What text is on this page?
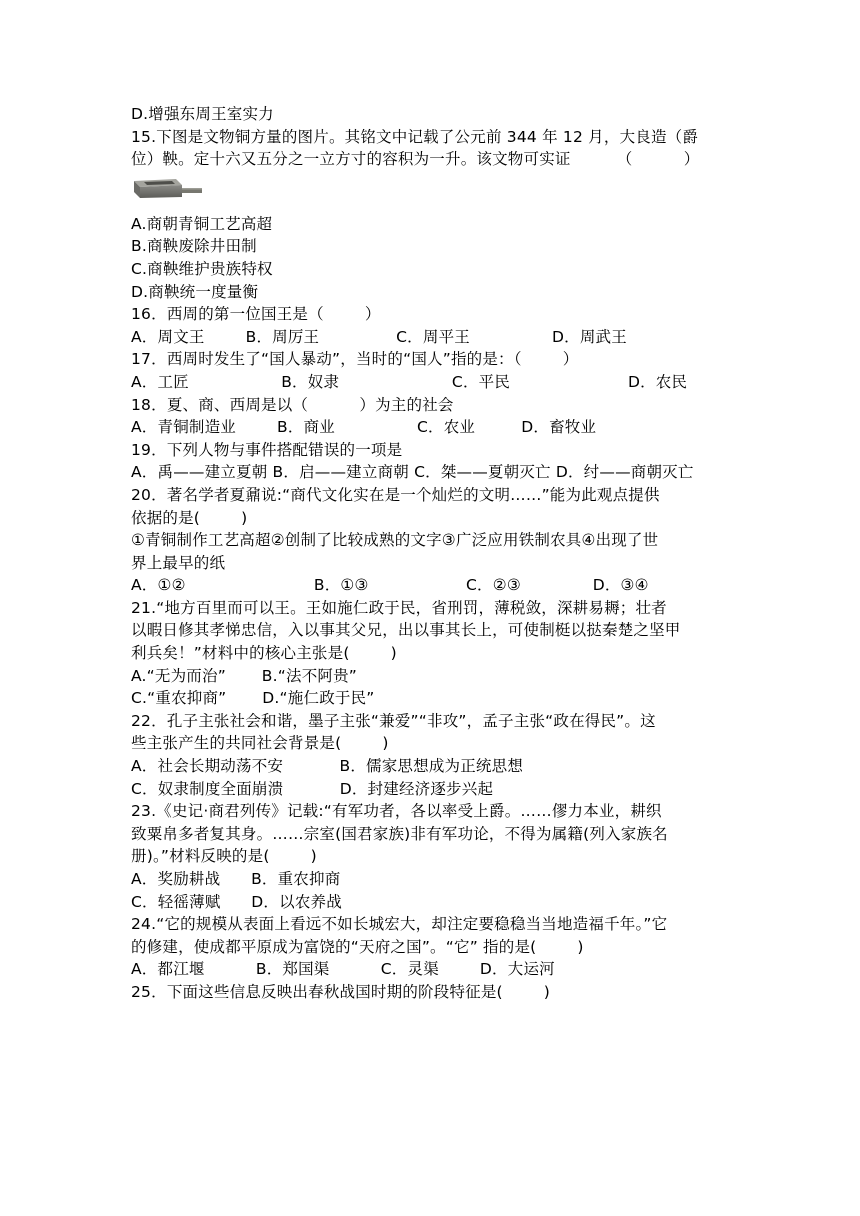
D.增强东周王室实力
15.下图是文物铜方量的图片。其铭文中记载了公元前 344 年 12 月，大良造（爵
位）鞅。定十六又五分之一立方寸的容积为一升。该文物可实证         （          ）
A.商朝青铜工艺高超
B.商鞅废除井田制
C.商鞅维护贵族特权
D.商鞅统一度量衡
16．西周的第一位国王是（        ）
A．周文王        B．周厉王               C．周平王                D．周武王
17．西周时发生了“国人暴动”，当时的“国人”指的是：（        ）
A．工匠                  B．奴隶                      C．平民                       D．农民
18．夏、商、西周是以（          ）为主的社会
A．青铜制造业        B．商业                C．农业         D．畜牧业
19．下列人物与事件搭配错误的一项是
A．禹——建立夏朝 B．启——建立商朝 C．桀——夏朝灭亡 D．纣——商朝灭亡
20．著名学者夏鼐说:“商代文化实在是一个灿烂的文明……”能为此观点提供
依据的是(        )
①青铜制作工艺高超②创制了比较成熟的文字③广泛应用铁制农具④出现了世
界上最早的纸
A．①②                         B．①③                   C．②③              D．③④
21.“地方百里而可以王。王如施仁政于民，省刑罚，薄税敛，深耕易耨；壮者
以暇日修其孝悌忠信，入以事其父兄，出以事其长上，可使制梃以挞秦楚之坚甲
利兵矣！”材料中的核心主张是(        )
A.“无为而治”       B.“法不阿贵”
C.“重农抑商”       D.“施仁政于民”
22．孔子主张社会和谐，墨子主张“兼爱”“非攻”，孟子主张“政在得民”。这
些主张产生的共同社会背景是(        )
A．社会长期动荡不安           B．儒家思想成为正统思想
C．奴隶制度全面崩溃           D．封建经济逐步兴起
23.《史记·商君列传》记载:“有军功者，各以率受上爵。……僇力本业，耕织
致粟帛多者复其身。……宗室(国君家族)非有军功论，不得为属籍(列入家族名
册)。”材料反映的是(        )
A．奖励耕战      B．重农抑商
C．轻徭薄赋      D．以农养战
24.“它的规模从表面上看远不如长城宏大，却注定要稳稳当当地造福千年。”它
的修建，使成都平原成为富饶的“天府之国”。“它” 指的是(        )
A．都江堰          B．郑国渠          C．灵渠        D．大运河
25．下面这些信息反映出春秋战国时期的阶段特征是(        )
